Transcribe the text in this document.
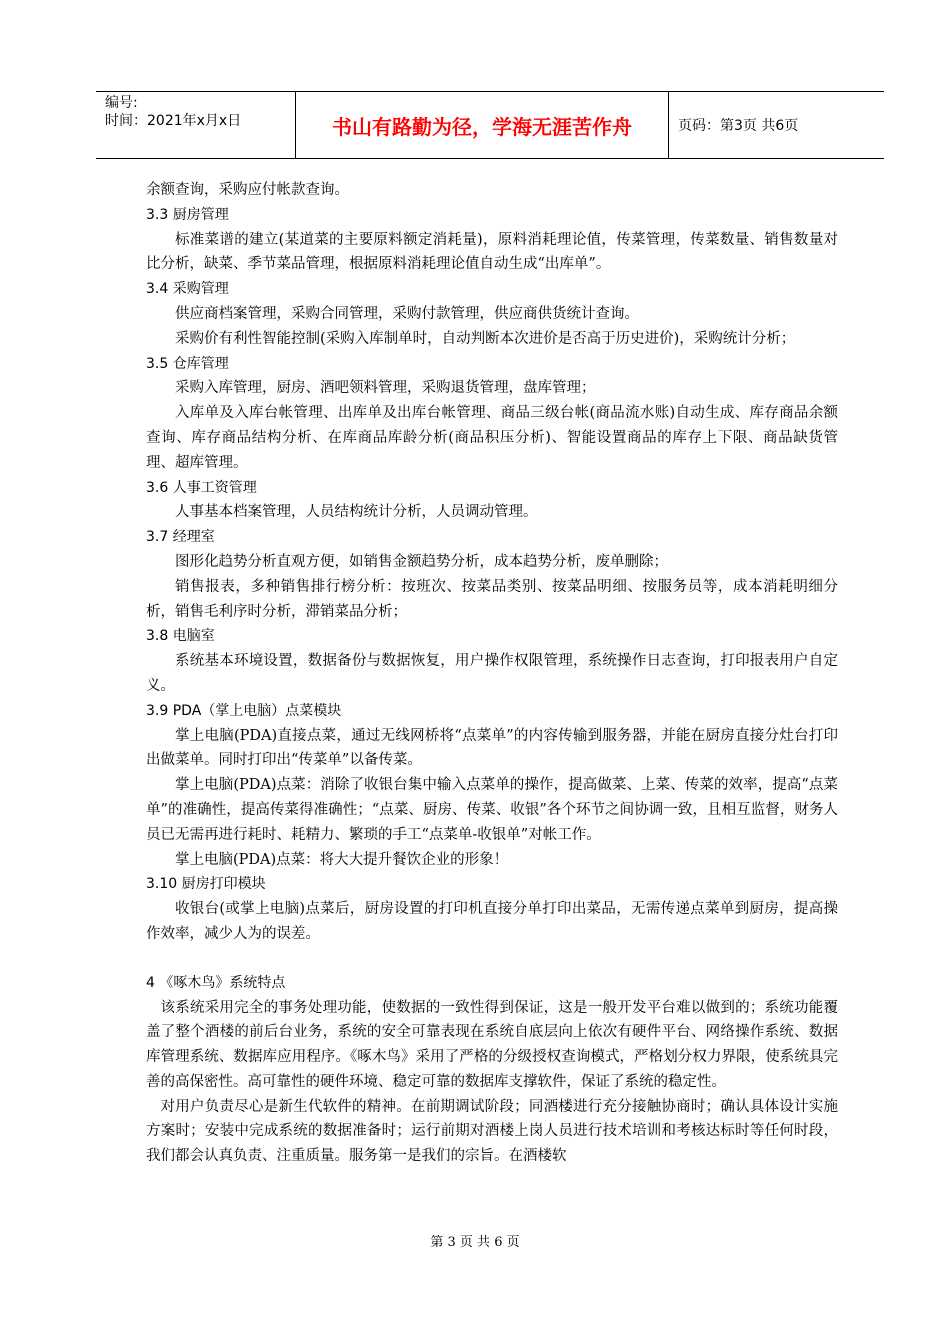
编号:
时间：2021年x月x日	书山有路勤为径，学海无涯苦作舟	页码：第3页 共6页

余额查询，采购应付帐款查询。

3.3 厨房管理

标准菜谱的建立(某道菜的主要原料额定消耗量)，原料消耗理论值，传菜管理，传菜数量、销售数量对比分析，缺菜、季节菜品管理，根据原料消耗理论值自动生成“出库单”。

3.4 采购管理

供应商档案管理，采购合同管理，采购付款管理，供应商供货统计查询。

采购价有利性智能控制(采购入库制单时，自动判断本次进价是否高于历史进价)，采购统计分析；

3.5 仓库管理

采购入库管理，厨房、酒吧领料管理，采购退货管理，盘库管理；

入库单及入库台帐管理、出库单及出库台帐管理、商品三级台帐(商品流水账)自动生成、库存商品余额查询、库存商品结构分析、在库商品库龄分析(商品积压分析)、智能设置商品的库存上下限、商品缺货管理、超库管理。

3.6 人事工资管理

人事基本档案管理，人员结构统计分析，人员调动管理。

3.7 经理室

图形化趋势分析直观方便，如销售金额趋势分析，成本趋势分析，废单删除；

销售报表，多种销售排行榜分析：按班次、按菜品类别、按菜品明细、按服务员等，成本消耗明细分析，销售毛利序时分析，滞销菜品分析；

3.8 电脑室

系统基本环境设置，数据备份与数据恢复，用户操作权限管理，系统操作日志查询，打印报表用户自定义。

3.9 PDA（掌上电脑）点菜模块

掌上电脑(PDA)直接点菜，通过无线网桥将“点菜单”的内容传输到服务器，并能在厨房直接分灶台打印出做菜单。同时打印出“传菜单”以备传菜。

掌上电脑(PDA)点菜：消除了收银台集中输入点菜单的操作，提高做菜、上菜、传菜的效率，提高“点菜单”的准确性，提高传菜得准确性；“点菜、厨房、传菜、收银”各个环节之间协调一致，且相互监督，财务人员已无需再进行耗时、耗精力、繁琐的手工“点菜单-收银单”对帐工作。

掌上电脑(PDA)点菜：将大大提升餐饮企业的形象！

3.10 厨房打印模块

收银台(或掌上电脑)点菜后，厨房设置的打印机直接分单打印出菜品，无需传递点菜单到厨房，提高操作效率，减少人为的误差。

4 《啄木鸟》系统特点

该系统采用完全的事务处理功能，使数据的一致性得到保证，这是一般开发平台难以做到的；系统功能覆盖了整个酒楼的前后台业务，系统的安全可靠表现在系统自底层向上依次有硬件平台、网络操作系统、数据库管理系统、数据库应用程序。《啄木鸟》采用了严格的分级授权查询模式，严格划分权力界限，使系统具完善的高保密性。高可靠性的硬件环境、稳定可靠的数据库支撑软件，保证了系统的稳定性。

对用户负责尽心是新生代软件的精神。在前期调试阶段；同酒楼进行充分接触协商时；确认具体设计实施方案时；安装中完成系统的数据准备时；运行前期对酒楼上岗人员进行技术培训和考核达标时等任何时段，我们都会认真负责、注重质量。服务第一是我们的宗旨。在酒楼软

第 3 页 共 6 页
